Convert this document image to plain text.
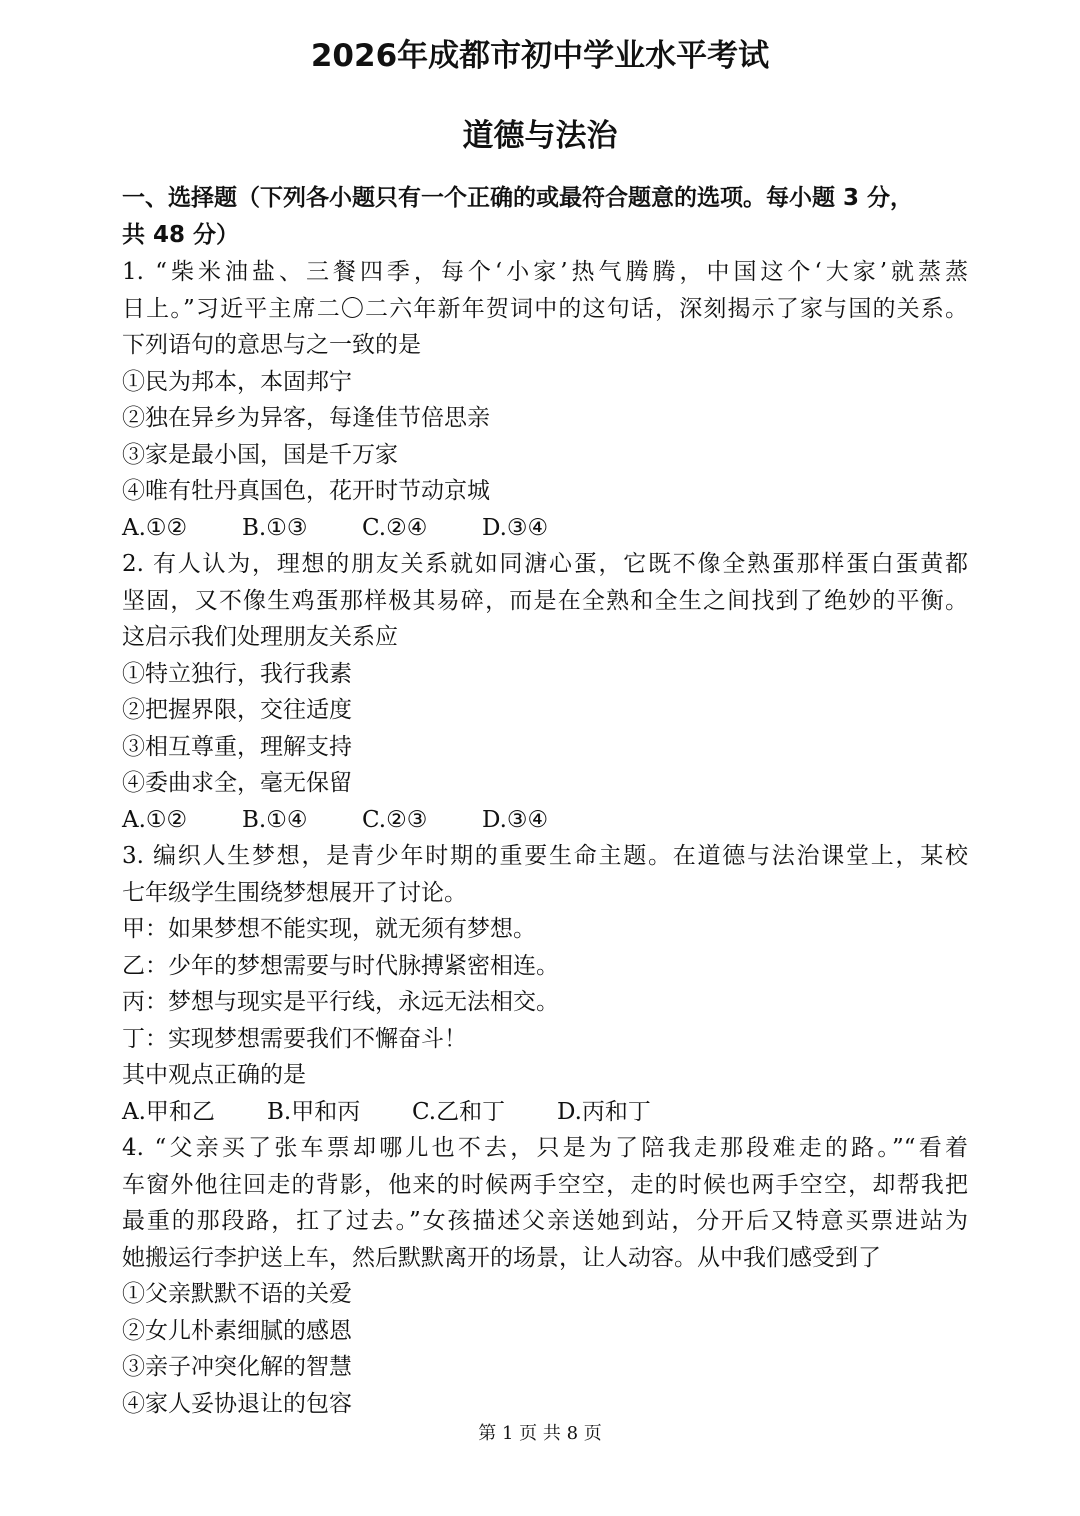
2026年成都市初中学业水平考试
道德与法治

一、选择题（下列各小题只有一个正确的或最符合题意的选项。每小题 3 分，

共 48 分）

1. “柴米油盐、三餐四季，每个‘小家’热气腾腾，中国这个‘大家’就蒸蒸

日上。”习近平主席二〇二六年新年贺词中的这句话，深刻揭示了家与国的关系。

下列语句的意思与之一致的是

①民为邦本，本固邦宁

②独在异乡为异客，每逢佳节倍思亲

③家是最小国，国是千万家

④唯有牡丹真国色，花开时节动京城

A.①② B.①③ C.②④ D.③④

2. 有人认为，理想的朋友关系就如同溏心蛋，它既不像全熟蛋那样蛋白蛋黄都

坚固，又不像生鸡蛋那样极其易碎，而是在全熟和全生之间找到了绝妙的平衡。

这启示我们处理朋友关系应

①特立独行，我行我素

②把握界限，交往适度

③相互尊重，理解支持

④委曲求全，毫无保留

A.①② B.①④ C.②③ D.③④

3. 编织人生梦想，是青少年时期的重要生命主题。在道德与法治课堂上，某校

七年级学生围绕梦想展开了讨论。

甲：如果梦想不能实现，就无须有梦想。

乙：少年的梦想需要与时代脉搏紧密相连。

丙：梦想与现实是平行线，永远无法相交。

丁：实现梦想需要我们不懈奋斗！

其中观点正确的是

A.甲和乙 B.甲和丙 C.乙和丁 D.丙和丁

4. “父亲买了张车票却哪儿也不去，只是为了陪我走那段难走的路。”“看着

车窗外他往回走的背影，他来的时候两手空空，走的时候也两手空空，却帮我把

最重的那段路，扛了过去。”女孩描述父亲送她到站，分开后又特意买票进站为

她搬运行李护送上车，然后默默离开的场景，让人动容。从中我们感受到了

①父亲默默不语的关爱

②女儿朴素细腻的感恩

③亲子冲突化解的智慧

④家人妥协退让的包容

第 1 页 共 8 页
